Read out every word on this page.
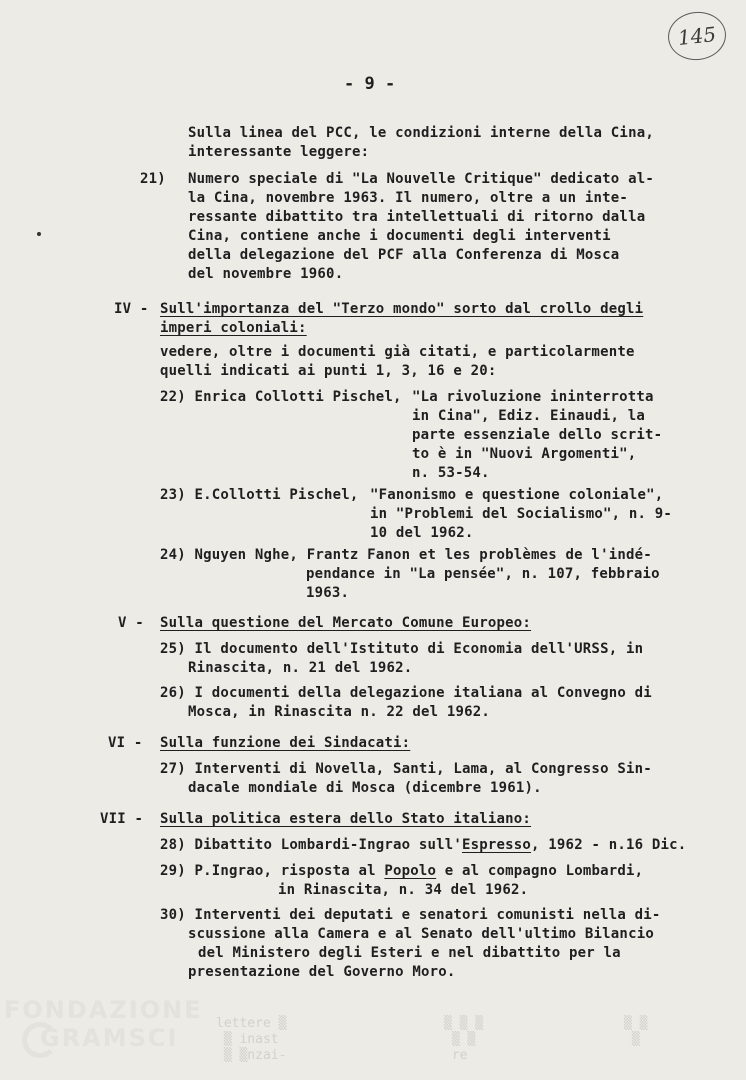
145
- 9 -
Sulla linea del PCC, le condizioni interne della Cina,
interessante leggere:
21) Numero speciale di "La Nouvelle Critique" dedicato al-
la Cina, novembre 1963. Il numero, oltre a un inte-
ressante dibattito tra intellettuali di ritorno dalla
Cina, contiene anche i documenti degli interventi
della delegazione del PCF alla Conferenza di Mosca
del novembre 1960.
IV - Sull'importanza del "Terzo mondo" sorto dal crollo degli
imperi coloniali:
vedere, oltre i documenti già citati, e particolarmente
quelli indicati ai punti 1, 3, 16 e 20:
22) Enrica Collotti Pischel, "La rivoluzione ininterrotta
in Cina", Ediz. Einaudi, la
parte essenziale dello scrit-
to è in "Nuovi Argomenti",
n. 53-54.
23) E.Collotti Pischel, "Fanonismo e questione coloniale",
in "Problemi del Socialismo", n. 9-
10 del 1962.
24) Nguyen Nghe, Frantz Fanon et les problèmes de l'indé-
pendance in "La pensée", n. 107, febbraio
1963.
V - Sulla questione del Mercato Comune Europeo:
25) Il documento dell'Istituto di Economia dell'URSS, in
Rinascita, n. 21 del 1962.
26) I documenti della delegazione italiana al Convegno di
Mosca, in Rinascita n. 22 del 1962.
VI - Sulla funzione dei Sindacati:
27) Interventi di Novella, Santi, Lama, al Congresso Sin-
dacale mondiale di Mosca (dicembre 1961).
VII - Sulla politica estera dello Stato italiano:
28) Dibattito Lombardi-Ingrao sull'Espresso, 1962 - n.16 Dic.
29) P.Ingrao, risposta al Popolo e al compagno Lombardi,
in Rinascita, n. 34 del 1962.
30) Interventi dei deputati e senatori comunisti nella di-
scussione alla Camera e al Senato dell'ultimo Bilancio
del Ministero degli Esteri e nel dibattito per la
presentazione del Governo Moro.
FONDAZIONE
GRAMSCI
lettere ▒
▒ inast
▒ ▒nzai-
▒ ▒ ▒
▒ ▒
re
▒ ▒
▒
